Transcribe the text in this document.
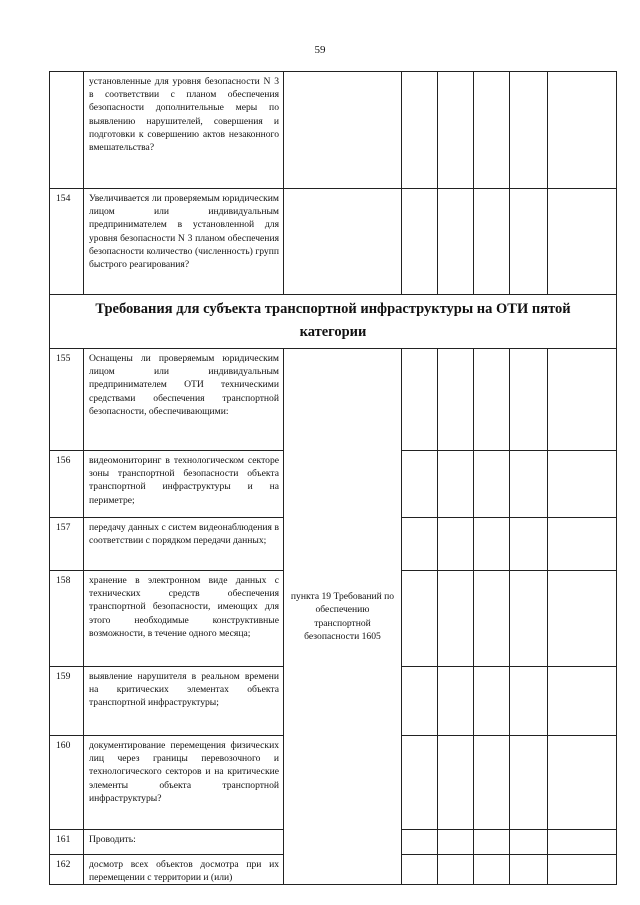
59
	установленные для уровня безопасности N 3 в соответствии с планом обеспечения безопасности дополнительные меры по выявлению нарушителей, совершения и подготовки к совершению актов незаконного вмешательства?						
154	Увеличивается ли проверяемым юридическим лицом или индивидуальным предпринимателем в установленной для уровня безопасности N 3 планом обеспечения безопасности количество (численность) групп быстрого реагирования?						
Требования для субъекта транспортной инфраструктуры на ОТИ пятой категории							
155	Оснащены ли проверяемым юридическим лицом или индивидуальным предпринимателем ОТИ техническими средствами обеспечения транспортной безопасности, обеспечивающими:	пункта 19 Требований по обеспечению транспортной безопасности 1605					
156	видеомониторинг в технологическом секторе зоны транспортной безопасности объекта транспортной инфраструктуры и на периметре;						
157	передачу данных с систем видеонаблюдения в соответствии с порядком передачи данных;						
158	хранение в электронном виде данных с технических средств обеспечения транспортной безопасности, имеющих для этого необходимые конструктивные возможности, в течение одного месяца;						
159	выявление нарушителя в реальном времени на критических элементах объекта транспортной инфраструктуры;						
160	документирование перемещения физических лиц через границы перевозочного и технологического секторов и на критические элементы объекта транспортной инфраструктуры?						
161	Проводить:						
162	досмотр всех объектов досмотра при их перемещении с территории и (или)						
